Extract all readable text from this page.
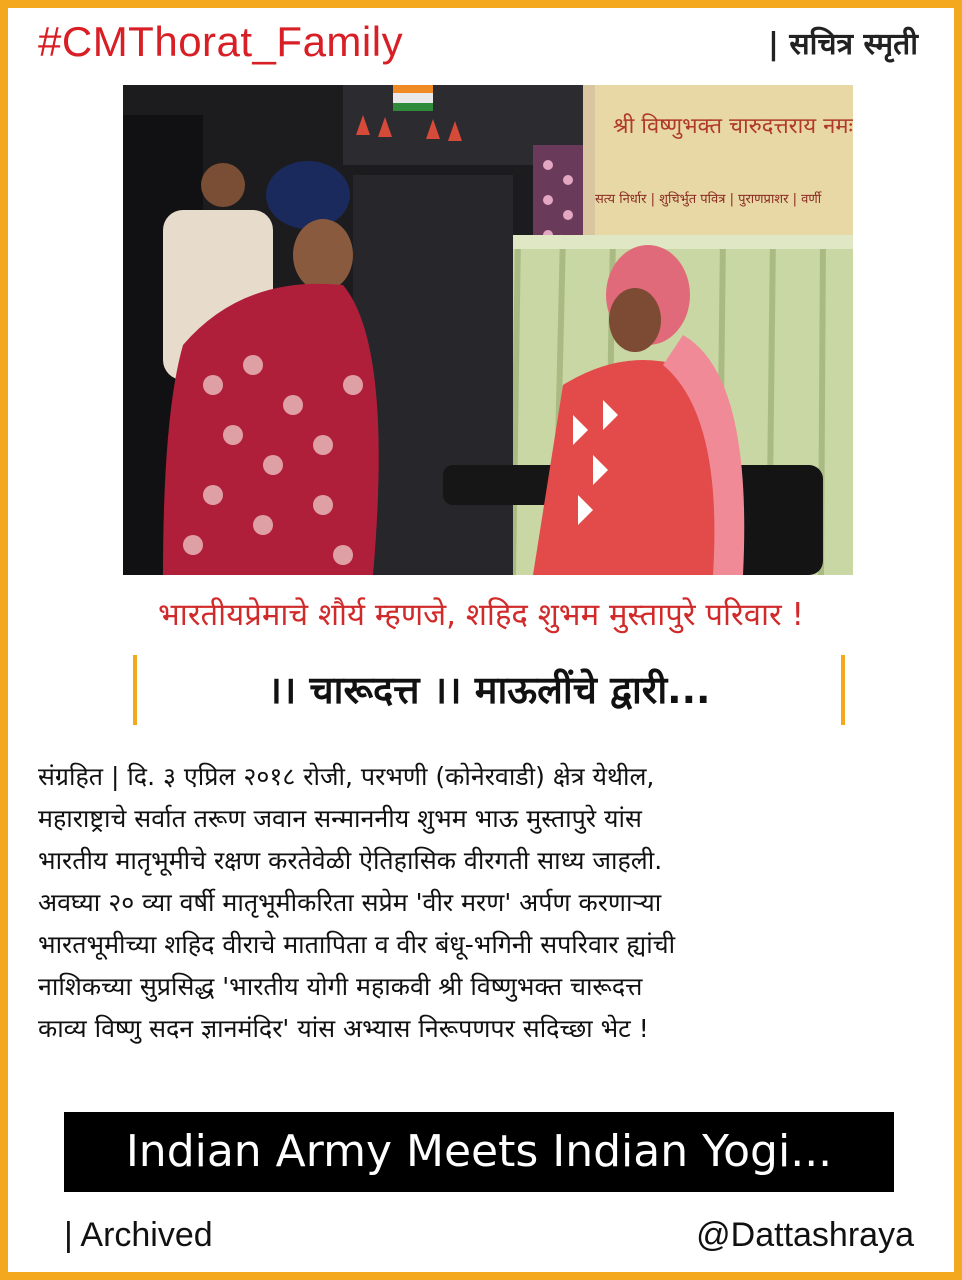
#CMThorat_Family	| सचित्र स्मृती
श्री विष्णुभक्त चारुदत्तराय नमः
सत्य निर्धार | शुचिर्भुत पवित्र | पुराणप्राशर | वर्णी
भारतीयप्रेमाचे शौर्य म्हणजे, शहिद शुभम मुस्तापुरे परिवार !
।। चारूदत्त ।। माऊलींचे द्वारी...
संग्रहित | दि. ३ एप्रिल २०१८ रोजी, परभणी (कोनेरवाडी) क्षेत्र येथील,
महाराष्ट्राचे सर्वात तरूण जवान सन्माननीय शुभम भाऊ मुस्तापुरे यांस
भारतीय मातृभूमीचे रक्षण करतेवेळी ऐतिहासिक वीरगती साध्य जाहली.
अवघ्या २० व्या वर्षी मातृभूमीकरिता सप्रेम 'वीर मरण' अर्पण करणाऱ्या
भारतभूमीच्या शहिद वीराचे मातापिता व वीर बंधू-भगिनी सपरिवार ह्यांची
नाशिकच्या सुप्रसिद्ध 'भारतीय योगी महाकवी श्री विष्णुभक्त चारूदत्त
काव्य विष्णु सदन ज्ञानमंदिर' यांस अभ्यास निरूपणपर सदिच्छा भेट !
Indian Army Meets Indian Yogi...
| Archived	@Dattashraya
